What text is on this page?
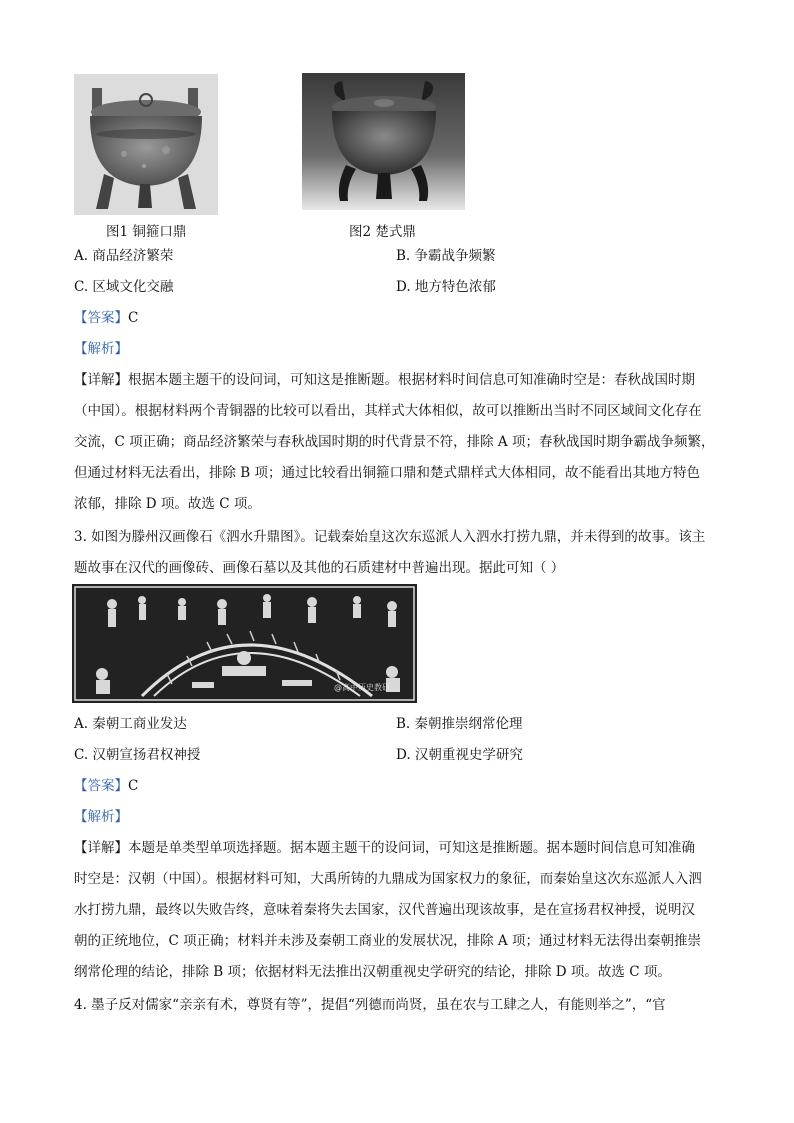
图1 铜箍口鼎	图2 楚式鼎
A. 商品经济繁荣	B. 争霸战争频繁
C. 区域文化交融	D. 地方特色浓郁
【答案】C
【解析】
【详解】根据本题主题干的设问词，可知这是推断题。根据材料时间信息可知准确时空是：春秋战国时期
（中国）。根据材料两个青铜器的比较可以看出，其样式大体相似，故可以推断出当时不同区域间文化存在
交流，C 项正确；商品经济繁荣与春秋战国时期的时代背景不符，排除 A 项；春秋战国时期争霸战争频繁，
但通过材料无法看出，排除 B 项；通过比较看出铜箍口鼎和楚式鼎样式大体相同，故不能看出其地方特色
浓郁，排除 D 项。故选 C 项。
3. 如图为滕州汉画像石《泗水升鼎图》。记载秦始皇这次东巡派人入泗水打捞九鼎，并未得到的故事。该主
题故事在汉代的画像砖、画像石墓以及其他的石质建材中普遍出现。据此可知（ ）
@高中历史教研
A. 秦朝工商业发达	B. 秦朝推崇纲常伦理
C. 汉朝宣扬君权神授	D. 汉朝重视史学研究
【答案】C
【解析】
【详解】本题是单类型单项选择题。据本题主题干的设问词，可知这是推断题。据本题时间信息可知准确
时空是：汉朝（中国）。根据材料可知，大禹所铸的九鼎成为国家权力的象征，而秦始皇这次东巡派人入泗
水打捞九鼎，最终以失败告终，意味着秦将失去国家，汉代普遍出现该故事，是在宣扬君权神授，说明汉
朝的正统地位，C 项正确；材料并未涉及秦朝工商业的发展状况，排除 A 项；通过材料无法得出秦朝推崇
纲常伦理的结论，排除 B 项；依据材料无法推出汉朝重视史学研究的结论，排除 D 项。故选 C 项。
4. 墨子反对儒家“亲亲有术，尊贤有等”，提倡“列德而尚贤，虽在农与工肆之人，有能则举之”，“官
